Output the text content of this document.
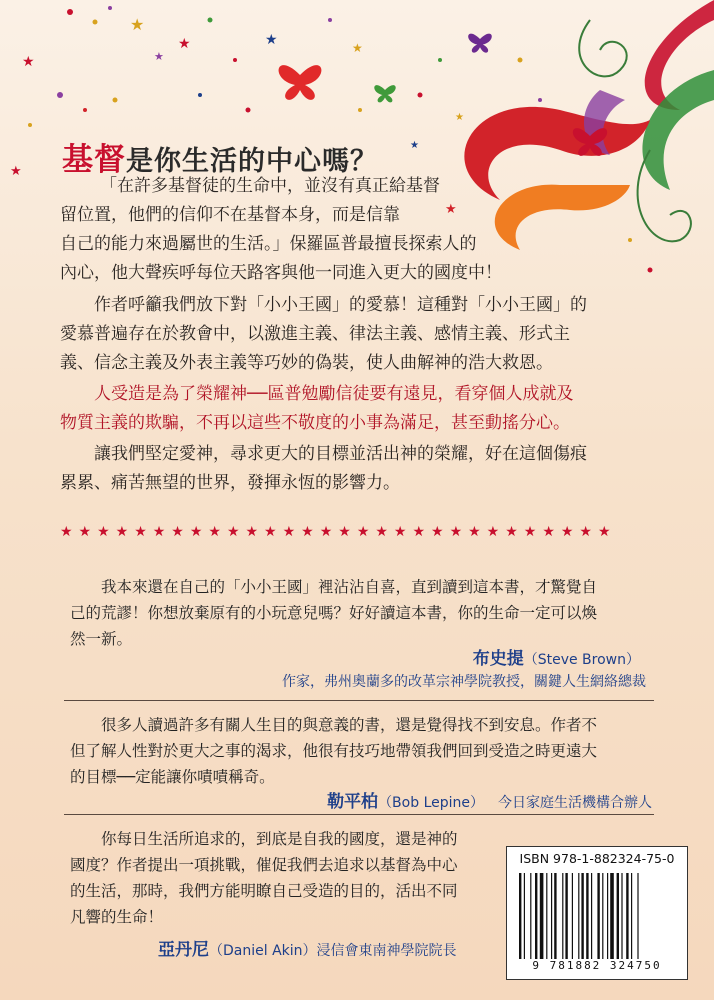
★
★	★
★	★
★
★
★
★
★
基督是你生活的中心嗎？
「在許多基督徒的生命中，並沒有真正給基督
留位置，他們的信仰不在基督本身，而是信靠
自己的能力來過屬世的生活。」保羅區普最擅長探索人的
內心，他大聲疾呼每位天路客與他一同進入更大的國度中！
作者呼籲我們放下對「小小王國」的愛慕！這種對「小小王國」的
愛慕普遍存在於教會中，以激進主義、律法主義、感情主義、形式主
義、信念主義及外表主義等巧妙的偽裝，使人曲解神的浩大救恩。
人受造是為了榮耀神──區普勉勵信徒要有遠見，看穿個人成就及
物質主義的欺騙，不再以這些不敬度的小事為滿足，甚至動搖分心。
讓我們堅定愛神，尋求更大的目標並活出神的榮耀，好在這個傷痕
累累、痛苦無望的世界，發揮永恆的影響力。
★★★★★★★★★★★★★★★★★★★★★★★★★★★★★★
我本來還在自己的「小小王國」裡沾沾自喜，直到讀到這本書，才驚覺自
己的荒謬！你想放棄原有的小玩意兒嗎？好好讀這本書，你的生命一定可以煥
然一新。
布史提（Steve Brown）
作家，弗州奧蘭多的改革宗神學院教授，關鍵人生網絡總裁
很多人讀過許多有關人生目的與意義的書，還是覺得找不到安息。作者不
但了解人性對於更大之事的渴求，他很有技巧地帶領我們回到受造之時更遠大
的目標──定能讓你嘖嘖稱奇。
勒平柏（Bob Lepine） 今日家庭生活機構合辦人
你每日生活所追求的，到底是自我的國度，還是神的
國度？作者提出一項挑戰，催促我們去追求以基督為中心
的生活，那時，我們方能明瞭自己受造的目的，活出不同
凡響的生命！
亞丹尼（Daniel Akin）浸信會東南神學院院長
ISBN 978-1-882324-75-0
9 781882 324750
